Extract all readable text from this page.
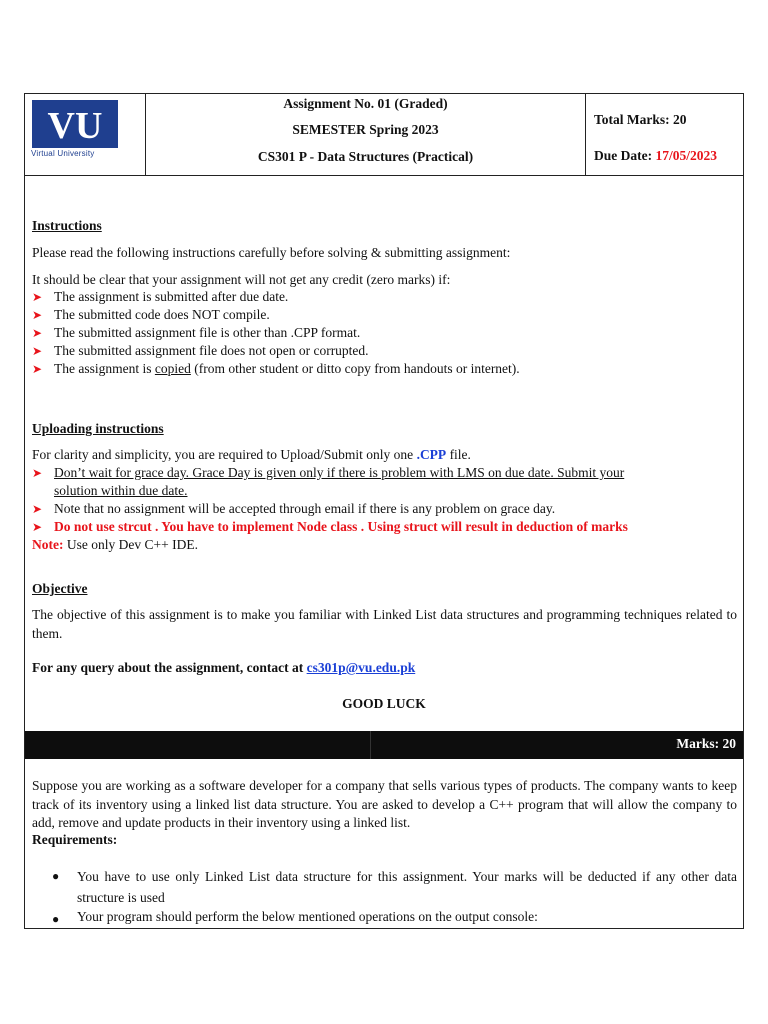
VU
Virtual University
Assignment No. 01 (Graded)
SEMESTER Spring 2023
CS301 P - Data Structures (Practical)
Total Marks: 20
Due Date: 17/05/2023
Instructions
Please read the following instructions carefully before solving & submitting assignment:
It should be clear that your assignment will not get any credit (zero marks) if:
➤ The assignment is submitted after due date.
➤ The submitted code does NOT compile.
➤ The submitted assignment file is other than .CPP format.
➤ The submitted assignment file does not open or corrupted.
➤ The assignment is copied (from other student or ditto copy from handouts or internet).
Uploading instructions
For clarity and simplicity, you are required to Upload/Submit only one .CPP file.
➤ Don’t wait for grace day. Grace Day is given only if there is problem with LMS on due date. Submit your
solution within due date.
➤ Note that no assignment will be accepted through email if there is any problem on grace day.
➤ Do not use strcut . You have to implement Node class . Using struct will result in deduction of marks
Note: Use only Dev C++ IDE.
Objective
The objective of this assignment is to make you familiar with Linked List data structures and programming techniques related to them.
For any query about the assignment, contact at cs301p@vu.edu.pk
GOOD LUCK
Marks: 20
Suppose you are working as a software developer for a company that sells various types of products. The company wants to keep track of its inventory using a linked list data structure. You are asked to develop a C++ program that will allow the company to add, remove and update products in their inventory using a linked list.
Requirements:
● You have to use only Linked List data structure for this assignment. Your marks will be deducted if any other data structure is used
● Your program should perform the below mentioned operations on the output console:
